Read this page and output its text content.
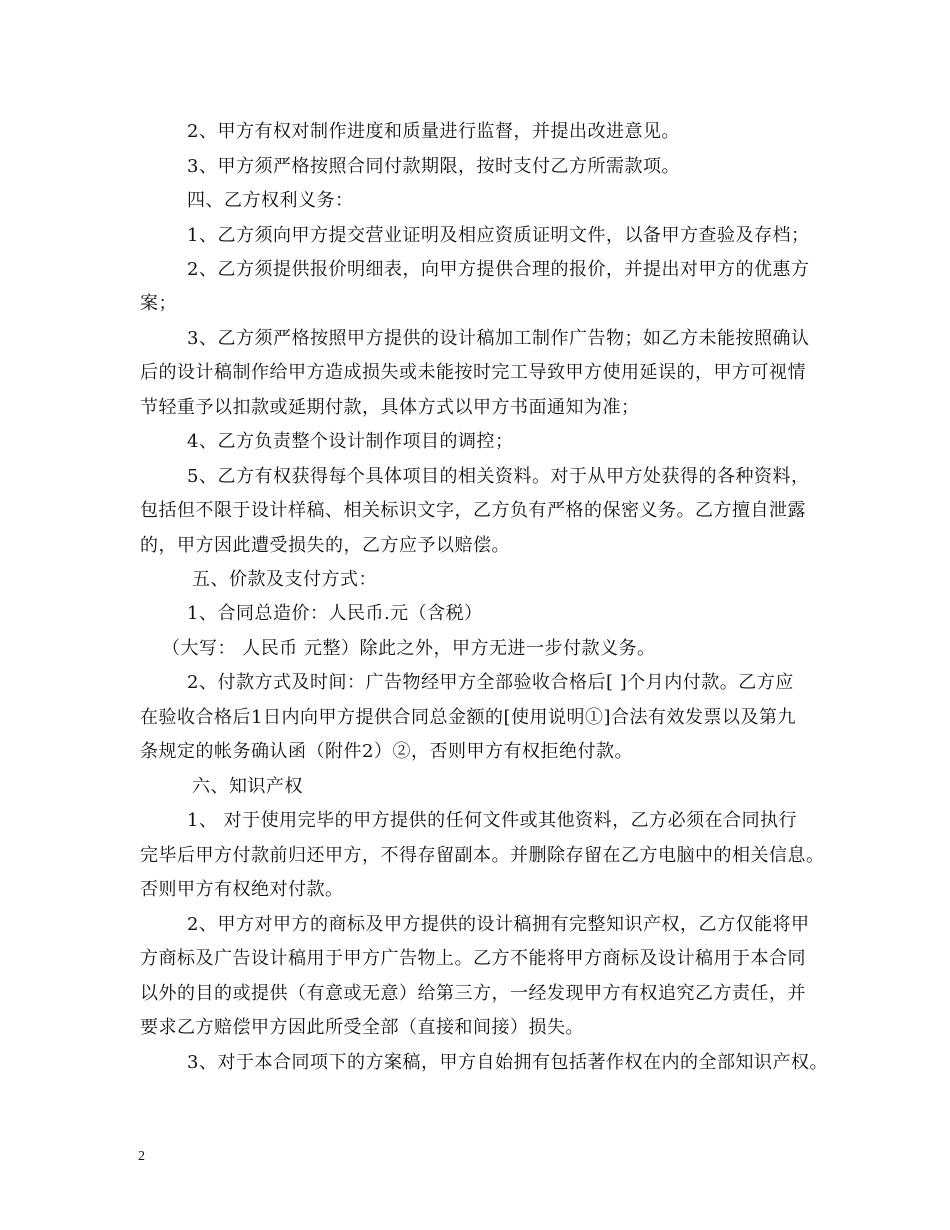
2、甲方有权对制作进度和质量进行监督，并提出改进意见。
3、甲方须严格按照合同付款期限，按时支付乙方所需款项。
四、乙方权利义务：
1、乙方须向甲方提交营业证明及相应资质证明文件，以备甲方查验及存档；
2、乙方须提供报价明细表，向甲方提供合理的报价，并提出对甲方的优惠方
案；
3、乙方须严格按照甲方提供的设计稿加工制作广告物；如乙方未能按照确认
后的设计稿制作给甲方造成损失或未能按时完工导致甲方使用延误的，甲方可视情
节轻重予以扣款或延期付款，具体方式以甲方书面通知为准；
4、乙方负责整个设计制作项目的调控；
5、乙方有权获得每个具体项目的相关资料。对于从甲方处获得的各种资料，
包括但不限于设计样稿、相关标识文字，乙方负有严格的保密义务。乙方擅自泄露
的，甲方因此遭受损失的，乙方应予以赔偿。
五、价款及支付方式：
1、合同总造价：人民币.元（含税）
（大写： 人民币 元整）除此之外，甲方无进一步付款义务。
2、付款方式及时间：广告物经甲方全部验收合格后[ ]个月内付款。乙方应
在验收合格后1日内向甲方提供合同总金额的[使用说明①]合法有效发票以及第九
条规定的帐务确认函（附件2）②，否则甲方有权拒绝付款。
六、知识产权
1、 对于使用完毕的甲方提供的任何文件或其他资料，乙方必须在合同执行
完毕后甲方付款前归还甲方，不得存留副本。并删除存留在乙方电脑中的相关信息。
否则甲方有权绝对付款。
2、甲方对甲方的商标及甲方提供的设计稿拥有完整知识产权，乙方仅能将甲
方商标及广告设计稿用于甲方广告物上。乙方不能将甲方商标及设计稿用于本合同
以外的目的或提供（有意或无意）给第三方，一经发现甲方有权追究乙方责任，并
要求乙方赔偿甲方因此所受全部（直接和间接）损失。
3、对于本合同项下的方案稿，甲方自始拥有包括著作权在内的全部知识产权。
2
